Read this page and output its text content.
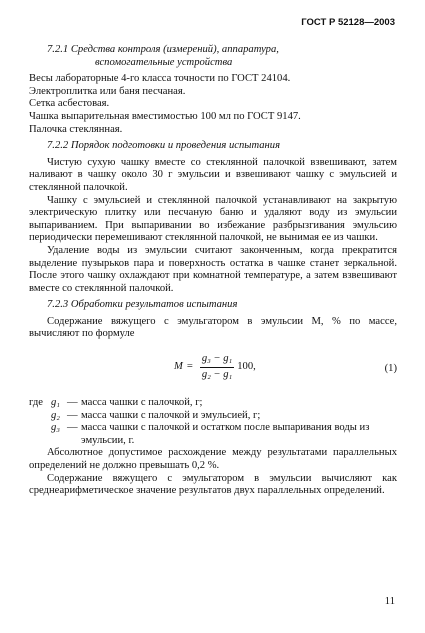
ГОСТ Р 52128—2003
7.2.1 Средства контроля (измерений), аппаратура,
вспомогательные устройства
Весы лабораторные 4-го класса точности по ГОСТ 24104.
Электроплитка или баня песчаная.
Сетка асбестовая.
Чашка выпарительная вместимостью 100 мл по ГОСТ 9147.
Палочка стеклянная.
7.2.2 Порядок подготовки и проведения испытания

Чистую сухую чашку вместе со стеклянной палочкой взвешивают, затем наливают в чашку около 30 г эмульсии и взвешивают чашку с эмульсией и стеклянной палочкой.

Чашку с эмульсией и стеклянной палочкой устанавливают на закрытую электрическую плитку или песчаную баню и удаляют воду из эмульсии выпариванием. При выпаривании во избежание разбрызгивания эмульсию периодически перемешивают стеклянной палочкой, не вынимая ее из чашки.

Удаление воды из эмульсии считают законченным, когда прекратится выделение пузырьков пара и поверхность остатка в чашке станет зеркальной. После этого чашку охлаждают при комнатной температуре, а затем взвешивают вместе со стеклянной палочкой.

7.2.3 Обработки результатов испытания

Содержание вяжущего с эмульгатором в эмульсии M, % по массе, вычисляют по формуле

$M = \frac{\text{g₃ − g₁}}{\text{g₂ − g₁}} 100$,	(1)
где g₁ — масса чашки с палочкой, г;
g₂ — масса чашки с палочкой и эмульсией, г;
g₃ — масса чашки с палочкой и остатком после выпаривания воды из эмульсии, г.

Абсолютное допустимое расхождение между результатами параллельных определений не должно превышать 0,2 %.

Содержание вяжущего с эмульгатором в эмульсии вычисляют как среднеарифметическое значение результатов двух параллельных определений.

11
